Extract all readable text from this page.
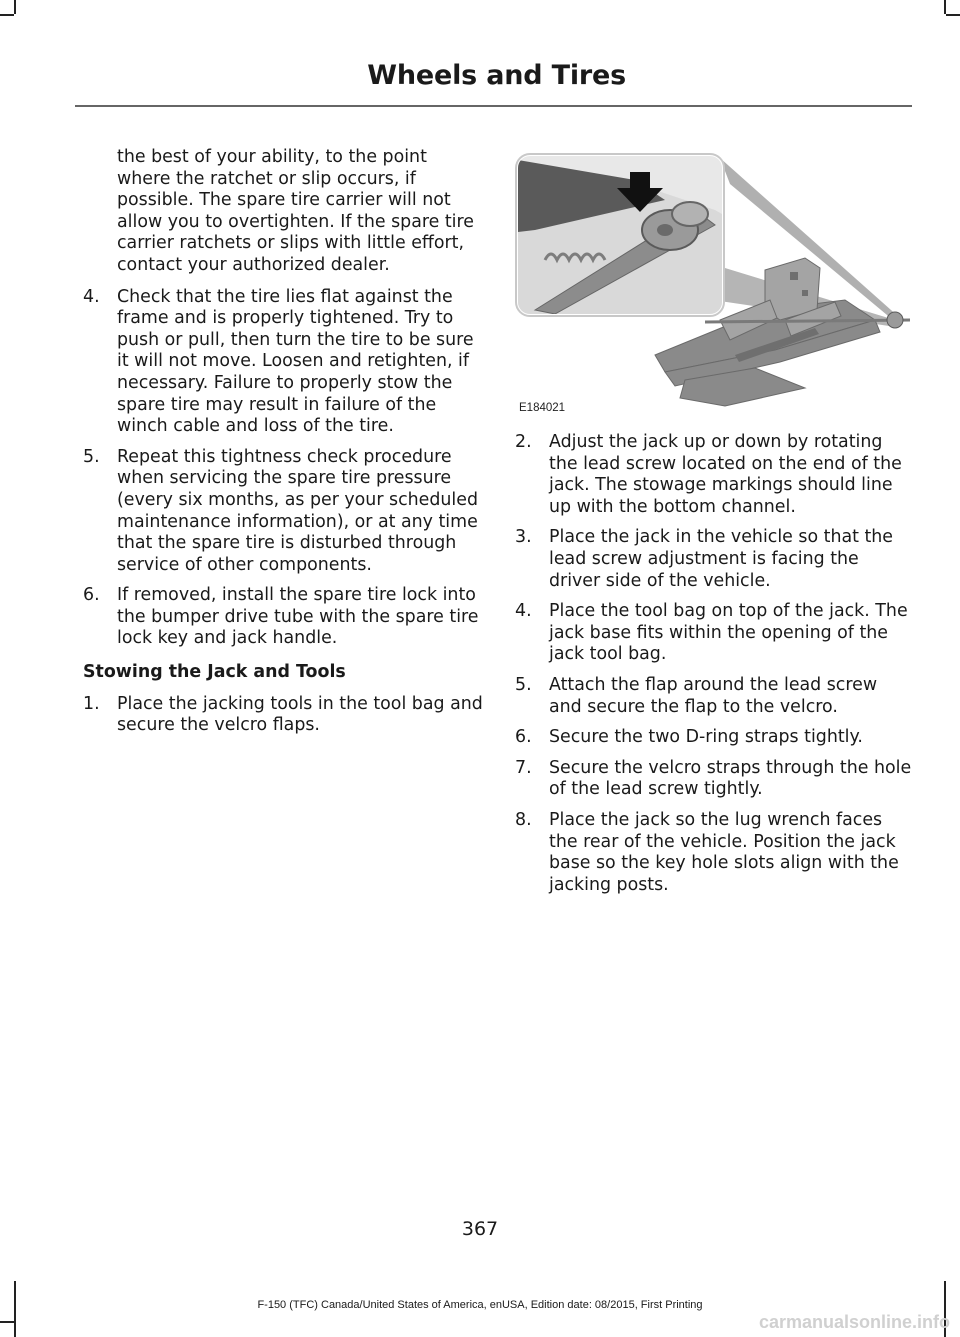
Wheels and Tires

the best of your ability, to the point where the ratchet or slip occurs, if possible. The spare tire carrier will not allow you to overtighten. If the spare tire carrier ratchets or slips with little effort, contact your authorized dealer.

4. Check that the tire lies flat against the frame and is properly tightened. Try to push or pull, then turn the tire to be sure it will not move. Loosen and retighten, if necessary. Failure to properly stow the spare tire may result in failure of the winch cable and loss of the tire.
5. Repeat this tightness check procedure when servicing the spare tire pressure (every six months, as per your scheduled maintenance information), or at any time that the spare tire is disturbed through service of other components.
6. If removed, install the spare tire lock into the bumper drive tube with the spare tire lock key and jack handle.
Stowing the Jack and Tools
1. Place the jacking tools in the tool bag and secure the velcro flaps.
E184021
2. Adjust the jack up or down by rotating the lead screw located on the end of the jack. The stowage markings should line up with the bottom channel.
3. Place the jack in the vehicle so that the lead screw adjustment is facing the driver side of the vehicle.
4. Place the tool bag on top of the jack. The jack base fits within the opening of the jack tool bag.
5. Attach the flap around the lead screw and secure the flap to the velcro.
6. Secure the two D-ring straps tightly.
7. Secure the velcro straps through the hole of the lead screw tightly.
8. Place the jack so the lug wrench faces the rear of the vehicle. Position the jack base so the key hole slots align with the jacking posts.
367
F-150 (TFC) Canada/United States of America, enUSA, Edition date: 08/2015, First Printing
carmanualsonline.info
